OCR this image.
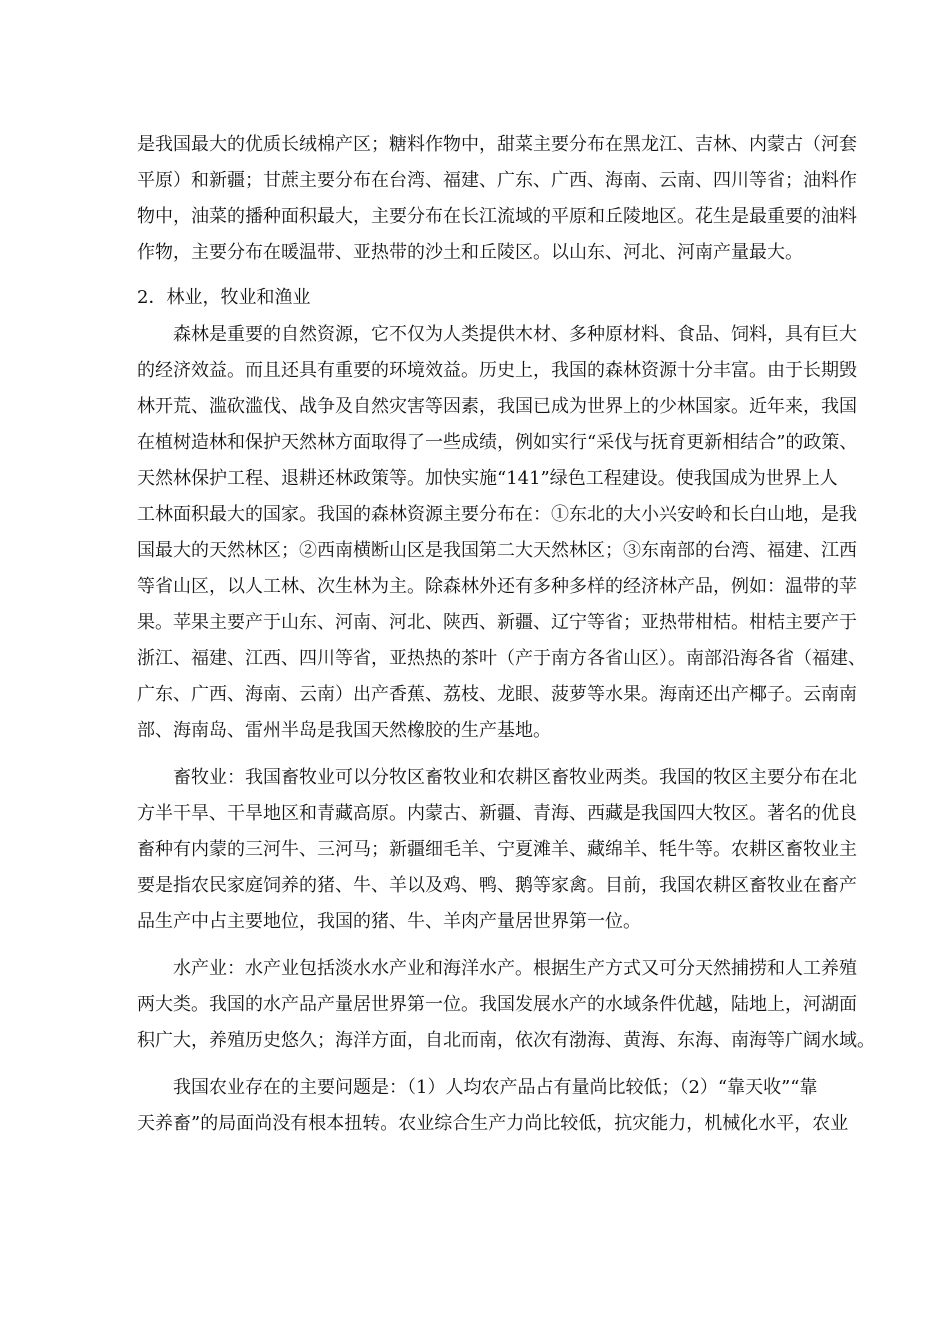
是我国最大的优质长绒棉产区；糖料作物中，甜菜主要分布在黑龙江、吉林、内蒙古（河套
平原）和新疆；甘蔗主要分布在台湾、福建、广东、广西、海南、云南、四川等省；油料作
物中，油菜的播种面积最大，主要分布在长江流域的平原和丘陵地区。花生是最重要的油料
作物，主要分布在暖温带、亚热带的沙土和丘陵区。以山东、河北、河南产量最大。
2．林业，牧业和渔业
森林是重要的自然资源，它不仅为人类提供木材、多种原材料、食品、饲料，具有巨大
的经济效益。而且还具有重要的环境效益。历史上，我国的森林资源十分丰富。由于长期毁
林开荒、滥砍滥伐、战争及自然灾害等因素，我国已成为世界上的少林国家。近年来，我国
在植树造林和保护天然林方面取得了一些成绩，例如实行“采伐与抚育更新相结合”的政策、
天然林保护工程、退耕还林政策等。加快实施“141”绿色工程建设。使我国成为世界上人
工林面积最大的国家。我国的森林资源主要分布在：①东北的大小兴安岭和长白山地，是我
国最大的天然林区；②西南横断山区是我国第二大天然林区；③东南部的台湾、福建、江西
等省山区，以人工林、次生林为主。除森林外还有多种多样的经济林产品，例如：温带的苹
果。苹果主要产于山东、河南、河北、陕西、新疆、辽宁等省；亚热带柑桔。柑桔主要产于
浙江、福建、江西、四川等省，亚热热的茶叶（产于南方各省山区）。南部沿海各省（福建、
广东、广西、海南、云南）出产香蕉、荔枝、龙眼、菠萝等水果。海南还出产椰子。云南南
部、海南岛、雷州半岛是我国天然橡胶的生产基地。
畜牧业：我国畜牧业可以分牧区畜牧业和农耕区畜牧业两类。我国的牧区主要分布在北
方半干旱、干旱地区和青藏高原。内蒙古、新疆、青海、西藏是我国四大牧区。著名的优良
畜种有内蒙的三河牛、三河马；新疆细毛羊、宁夏滩羊、藏绵羊、牦牛等。农耕区畜牧业主
要是指农民家庭饲养的猪、牛、羊以及鸡、鸭、鹅等家禽。目前，我国农耕区畜牧业在畜产
品生产中占主要地位，我国的猪、牛、羊肉产量居世界第一位。
水产业：水产业包括淡水水产业和海洋水产。根据生产方式又可分天然捕捞和人工养殖
两大类。我国的水产品产量居世界第一位。我国发展水产的水域条件优越，陆地上，河湖面
积广大，养殖历史悠久；海洋方面，自北而南，依次有渤海、黄海、东海、南海等广阔水域。
我国农业存在的主要问题是：（1）人均农产品占有量尚比较低；（2）“靠天收”“靠
天养畜”的局面尚没有根本扭转。农业综合生产力尚比较低，抗灾能力，机械化水平，农业
